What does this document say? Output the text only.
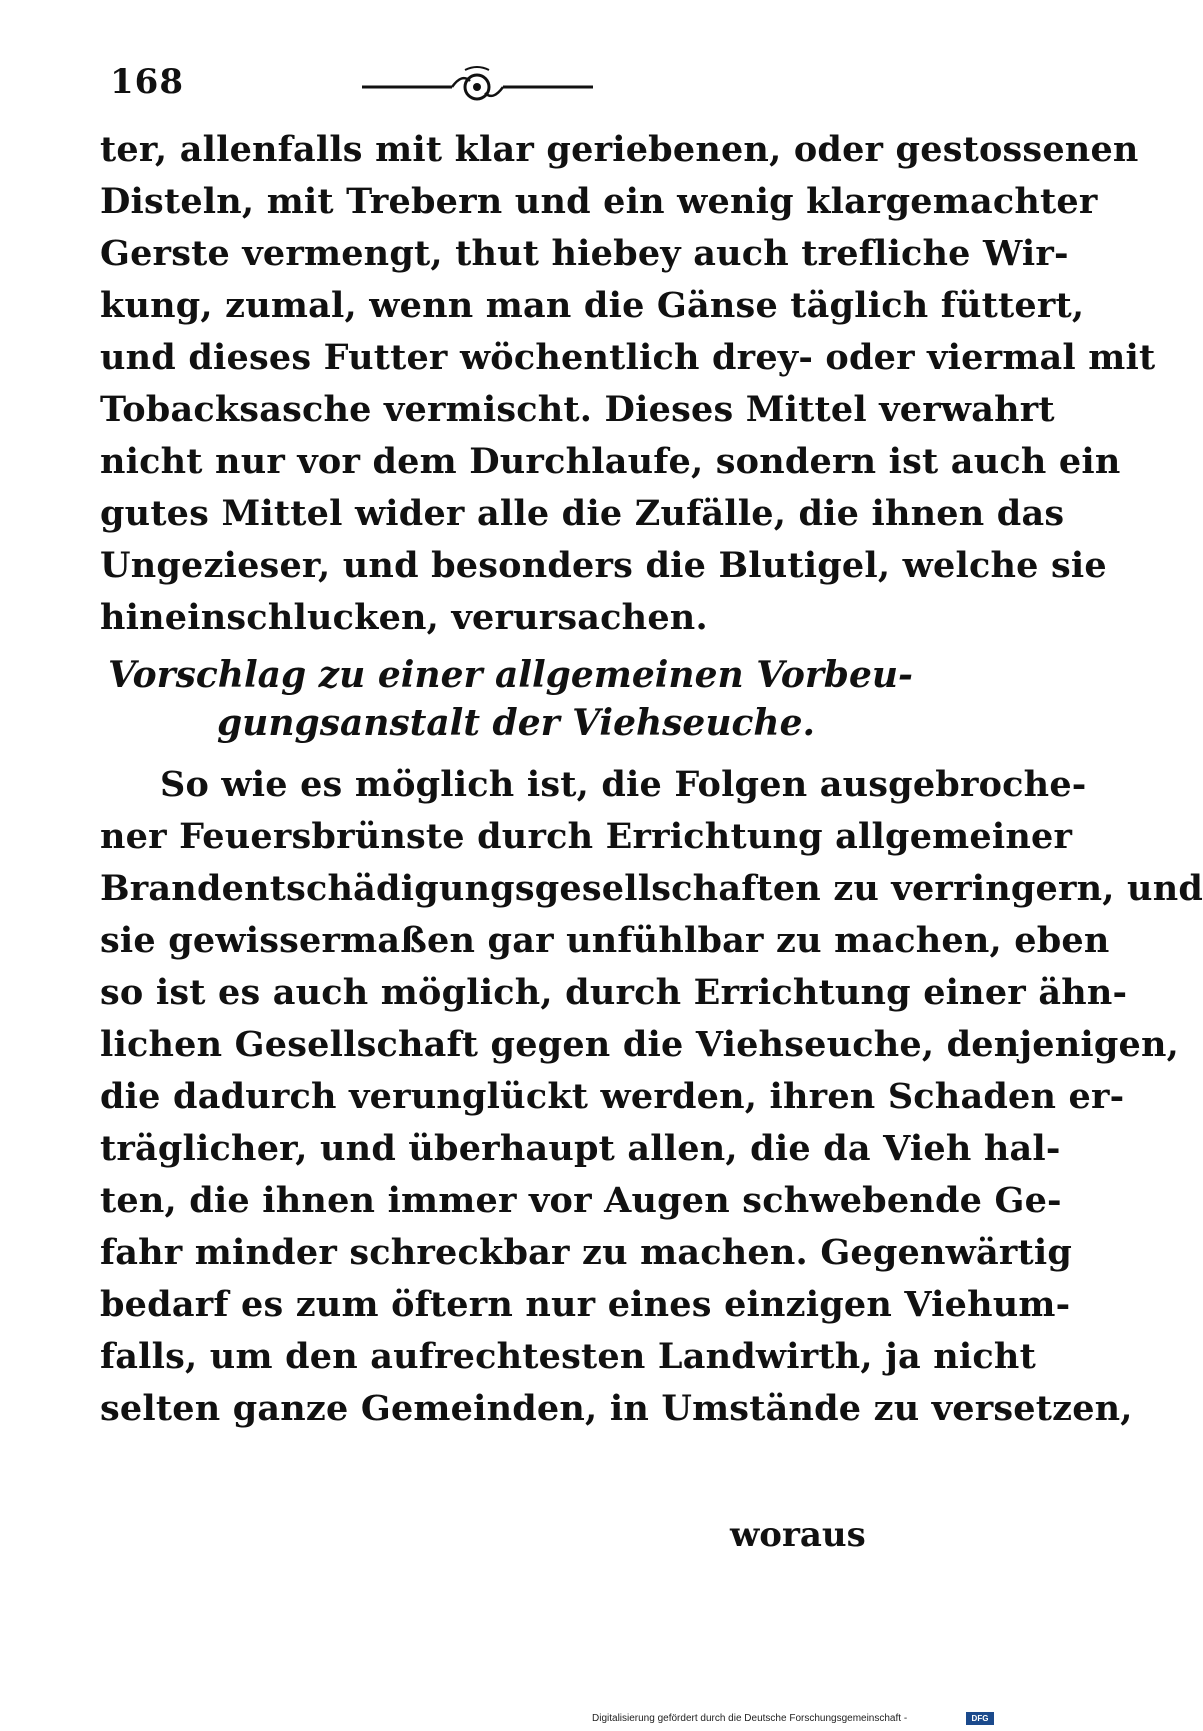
168
ter, allenfalls mit klar geriebenen, oder gestossenen
Disteln, mit Trebern und ein wenig klargemachter
Gerste vermengt, thut hiebey auch trefliche Wir-
kung, zumal, wenn man die Gänse täglich füttert,
und dieses Futter wöchentlich drey- oder viermal mit
Tobacksasche vermischt. Dieses Mittel verwahrt
nicht nur vor dem Durchlaufe, sondern ist auch ein
gutes Mittel wider alle die Zufälle, die ihnen das
Ungezieser, und besonders die Blutigel, welche sie
hineinschlucken, verursachen.
Vorschlag zu einer allgemeinen Vorbeu-
gungsanstalt der Viehseuche.
So wie es möglich ist, die Folgen ausgebroche-
ner Feuersbrünste durch Errichtung allgemeiner
Brandentschädigungsgesellschaften zu verringern, und
sie gewissermaßen gar unfühlbar zu machen, eben
so ist es auch möglich, durch Errichtung einer ähn-
lichen Gesellschaft gegen die Viehseuche, denjenigen,
die dadurch verunglückt werden, ihren Schaden er-
träglicher, und überhaupt allen, die da Vieh hal-
ten, die ihnen immer vor Augen schwebende Ge-
fahr minder schreckbar zu machen. Gegenwärtig
bedarf es zum öftern nur eines einzigen Viehum-
falls, um den aufrechtesten Landwirth, ja nicht
selten ganze Gemeinden, in Umstände zu versetzen,
woraus
Digitalisierung gefördert durch die Deutsche Forschungsgemeinschaft -	DFG
